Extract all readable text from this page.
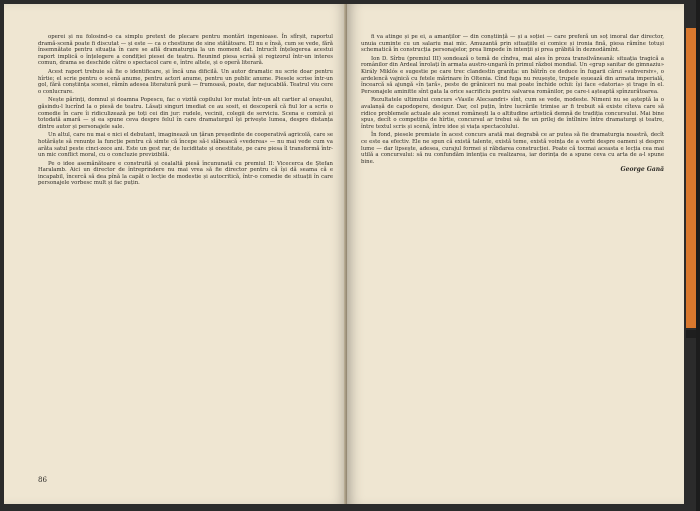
operei și nu folosind-o ca simplu pretext de plecare pentru montări ingenioase. În sfîrșit, raportul dramă-scenă poate fi discutat — și este — ca o chestiune de sine stătătoare. El nu e însă, cum se vede, fără însemnătate pentru situația în care se află dramaturgia la un moment dat. Intrucît înțelegerea acestui raport implică o înțelegere a condiției piesei de teatru. Reunind piesa scrisă și regizorul într-un interes comun, drama se deschide către o spectacol care e, între altele, și o operă literară.

Acest raport trebuie să fie o identificare, și încă una dificilă. Un autor dramatic nu scrie doar pentru hîrtie; el scrie pentru o scenă anume, pentru actori anume, pentru un public anume. Piesele scrise într-un gol, fără conștiința scenei, rămîn adesea literatură pură — frumoasă, poate, dar nejucabilă. Teatrul viu cere o conlucrare.

Nește părinți, domnul și doamna Popescu, fac o vizită copilului lor mutat într-un alt cartier al orașului, găsindu-l lucrînd la o piesă de teatru. Lăsați singuri imediat ce au sosit, ei descoperă că fiul lor a scris o comedie în care îi ridiculizează pe toți cei din jur: rudele, vecinii, colegii de serviciu. Scena e comică și totodată amară — și ea spune ceva despre felul în care dramaturgul își privește lumea, despre distanța dintre autor și personajele sale.

Un altul, care nu mai e nici el debutant, imaginează un țăran președinte de cooperativă agricolă, care se hotărăște să renunțe la funcție pentru că simte că începe să-i slăbească «vederea» — nu mai vede cum va arăta satul peste cinci-zece ani. Este un gest rar, de luciditate și onestitate, pe care piesa îl transformă într-un mic conflict moral, cu o concluzie previzibilă.

Pe o idee asemănătoare e construită și cealaltă piesă încununată cu premiul II: Vicecerca de Ștefan Haralamb. Aici un director de întreprindere nu mai vrea să fie director pentru că își dă seama că e incapabil, încercă să dea pînă la capăt o lecție de modestie și autocritică, într-o comedie de situații în care personajele vorbesc mult și fac puțin.

86

fi va atinge și pe ei, a amanților — din conștiință — și a soției — care preferă un soț imoral dar director, unuia cuminte cu un salariu mai mic. Amuzantă prin situațiile ei comice și ironia fină, piesa rămîne totuși schematică în construcția personajelor, prea limpede în intenții și prea grăbită în deznodămînt.

Ion D. Sîrbu (premiul III) sondează o temă de cîndva, mai ales în proza transilvăneană: situația tragică a românilor din Ardeal înrolați în armata austro-ungară în primul război mondial. Un «grup sanitar de gimnaziu» Király Miklós e sugestie pe care trec clandestin granița: un bătrîn ce deduce în fugarii cărui «subversiv», o ardelencă vajnică cu fetele mărinare în Oltenia. Cînd fuga nu reușește, trupele eșuează din armata imperială, încearcă să ajungă «în țară», peste de grăniceri nu mai poate închide ochii: își face «datoria» și trage în el. Personajele aminitte sînt gata la orice sacrificiu pentru salvarea românilor, pe care-i așteaptă spînzurătoarea.

Rezultatele ultimului concurs «Vasile Alecsandri» sînt, cum se vede, modeste. Nimeni nu se așteptă la o avalanșă de capodopere, desigur. Dar, cel puțin, între lucrările trimise ar fi trebuit să existe cîteva care să ridice problemele actuale ale scenei românești la o altitudine artistică demnă de tradiția concursului. Mai bine spus, decît o competiție de hîrtie, concursul ar trebui să fie un prilej de întîlnire între dramaturgi și teatre, între textul scris și scenă, între idee și viața spectacolului.

În fond, piesele premiate în acest concurs arată mai degrabă ce ar putea să fie dramaturgia noastră, decît ce este ea efectiv. Ele ne spun că există talente, există teme, există voința de a vorbi despre oameni și despre lume — dar lipsește, adesea, curajul formei și răbdarea construcției. Poate că tocmai aceasta e lecția cea mai utilă a concursului: să nu confundăm intenția cu realizarea, iar dorința de a spune ceva cu arta de a-l spune bine.

George Gană
